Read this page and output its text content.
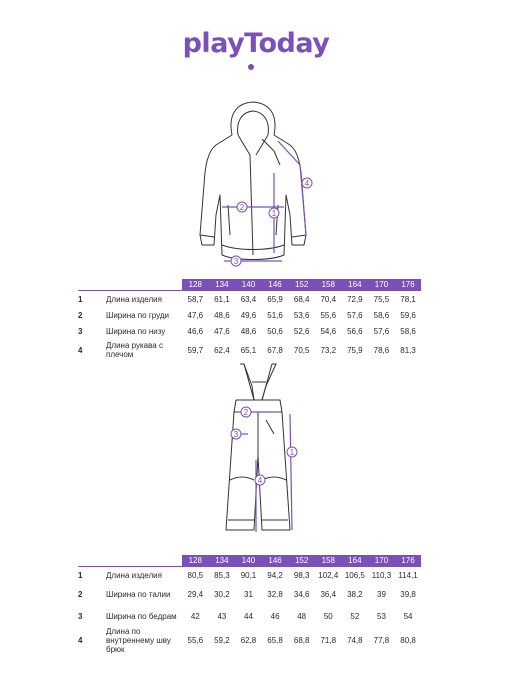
playToday
1
2
3
4
		128	134	140	146	152	158	164	170	176
1	Длина изделия	58,7	61,1	63,4	65,9	68,4	70,4	72,9	75,5	78,1
2	Ширина по груди	47,6	48,6	49,6	51,6	53,6	55,6	57,6	58,6	59,6
3	Ширина по низу	46,6	47,6	48,6	50,6	52,6	54,6	56,6	57,6	58,6
4	Длина рукава с плечом	59,7	62,4	65,1	67,8	70,5	73,2	75,9	78,6	81,3
1
2
3
4
		128	134	140	146	152	158	164	170	176
1	Длина изделия	80,5	85,3	90,1	94,2	98,3	102,4	106,5	110,3	114,1
2	Ширина по талии	29,4	30,2	31	32,8	34,6	36,4	38,2	39	39,8
3	Ширина по бедрам	42	43	44	46	48	50	52	53	54
4	Длина по внутреннему шву брюк	55,6	59,2	62,8	65,8	68,8	71,8	74,8	77,8	80,8
